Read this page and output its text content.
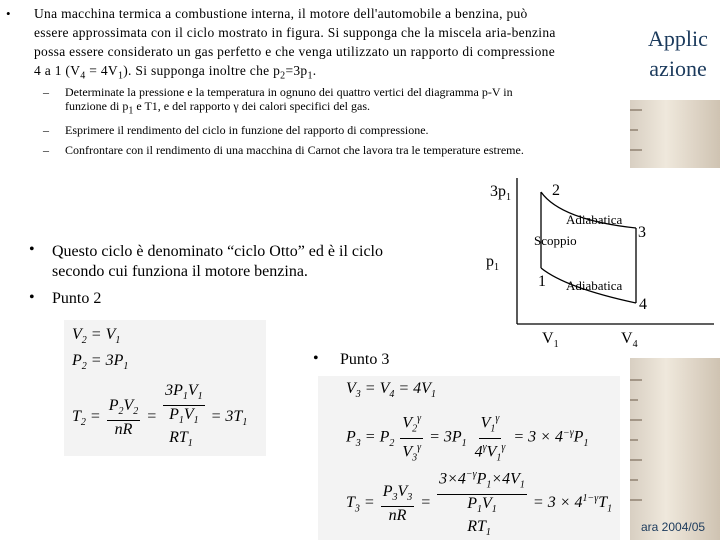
• Una macchina termica a combustione interna, il motore dell'automobile a benzina, può
essere approssimata con il ciclo mostrato in figura. Si supponga che la miscela aria-benzina
possa essere considerato un gas perfetto e che venga utilizzato un rapporto di compressione
4 a 1 $(V_4 = 4V_1)$. Si supponga inoltre che $p_2=3p_1$.
– Determinate la pressione e la temperatura in ognuno dei quattro vertici del diagramma p-V in
funzione di $p_1$ e T1, e del rapporto γ dei calori specifici del gas.
– Esprimere il rendimento del ciclo in funzione del rapporto di compressione.
– Confrontare con il rendimento di una macchina di Carnot che lavora tra le temperature estreme.
Applic
azione
$3p_1$
$p_1$
2
Adiabatica
3
Scoppio
1 Adiabatica
4
$V_1$	$V_4$
• Questo ciclo è denominato “ciclo Otto” ed è il ciclo
secondo cui funziona il motore benzina.
• Punto 2
$V_2 = V_1$
$P_2 = 3P_1$
$T_2 = \frac{P_2V_2}{nR}$ =
$3P_1V_1$
$P_1V_1$
$RT_1$
= $3T_1$
• Punto 3
$V_3 = V_4 = 4V_1$
$P_3 = P_2 \frac{V_2^\gamma}{V_3^\gamma} = 3P_1 \frac{V_1^\gamma}{4^\gamma V_1^\gamma} = 3 \times 4^{-\gamma}P_1$
$T_3 = \frac{P_3V_3}{nR}$ =
$3\times 4^{-\gamma}P_1\times 4V_1$
$P_1V_1$
$RT_1$
= $3 \times 4^{1-\gamma}T_1$
ara 2004/05
